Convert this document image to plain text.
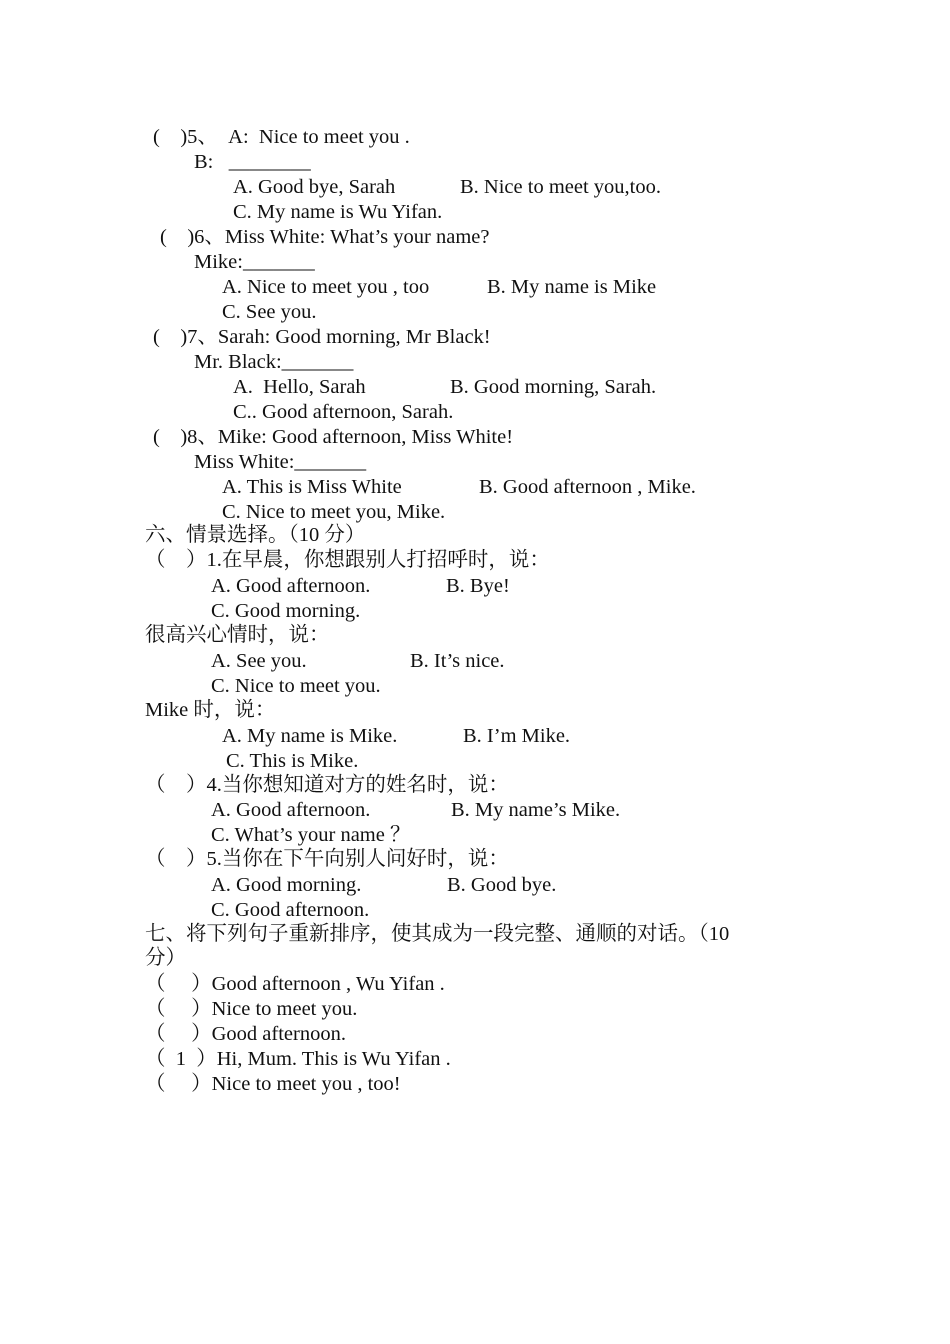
(    )5、  A:  Nice to meet you .
B:   ________
A. Good bye, Sarah	B. Nice to meet you,too.
C. My name is Wu Yifan.
(    )6、Miss White: What’s your name?
Mike:_______
A. Nice to meet you , too	B. My name is Mike
C. See you.
(    )7、Sarah: Good morning, Mr Black!
Mr. Black:_______
A.  Hello, Sarah	B. Good morning, Sarah.
C.. Good afternoon, Sarah.
(    )8、Mike: Good afternoon, Miss White!
Miss White:_______
A. This is Miss White	B. Good afternoon , Mike.
C. Nice to meet you, Mike.
六、情景选择。（10 分）
（    ）1.在早晨，你想跟别人打招呼时，说：
A. Good afternoon.	B. Bye!
C. Good morning.
很高兴心情时，说：
A. See you.	B. It’s nice.
C. Nice to meet you.
Mike 时，说：
A. My name is Mike.	B. I’m Mike.
C. This is Mike.
（    ）4.当你想知道对方的姓名时，说：
A. Good afternoon.	B. My name’s Mike.
C. What’s your name ？
（    ）5.当你在下午向别人问好时，说：
A. Good morning.	B. Good bye.
C. Good afternoon.
七、将下列句子重新排序，使其成为一段完整、通顺的对话。（10
分）
（     ）Good afternoon , Wu Yifan .
（     ）Nice to meet you.
（     ）Good afternoon.
（  1  ）Hi, Mum. This is Wu Yifan .
（     ）Nice to meet you , too!
